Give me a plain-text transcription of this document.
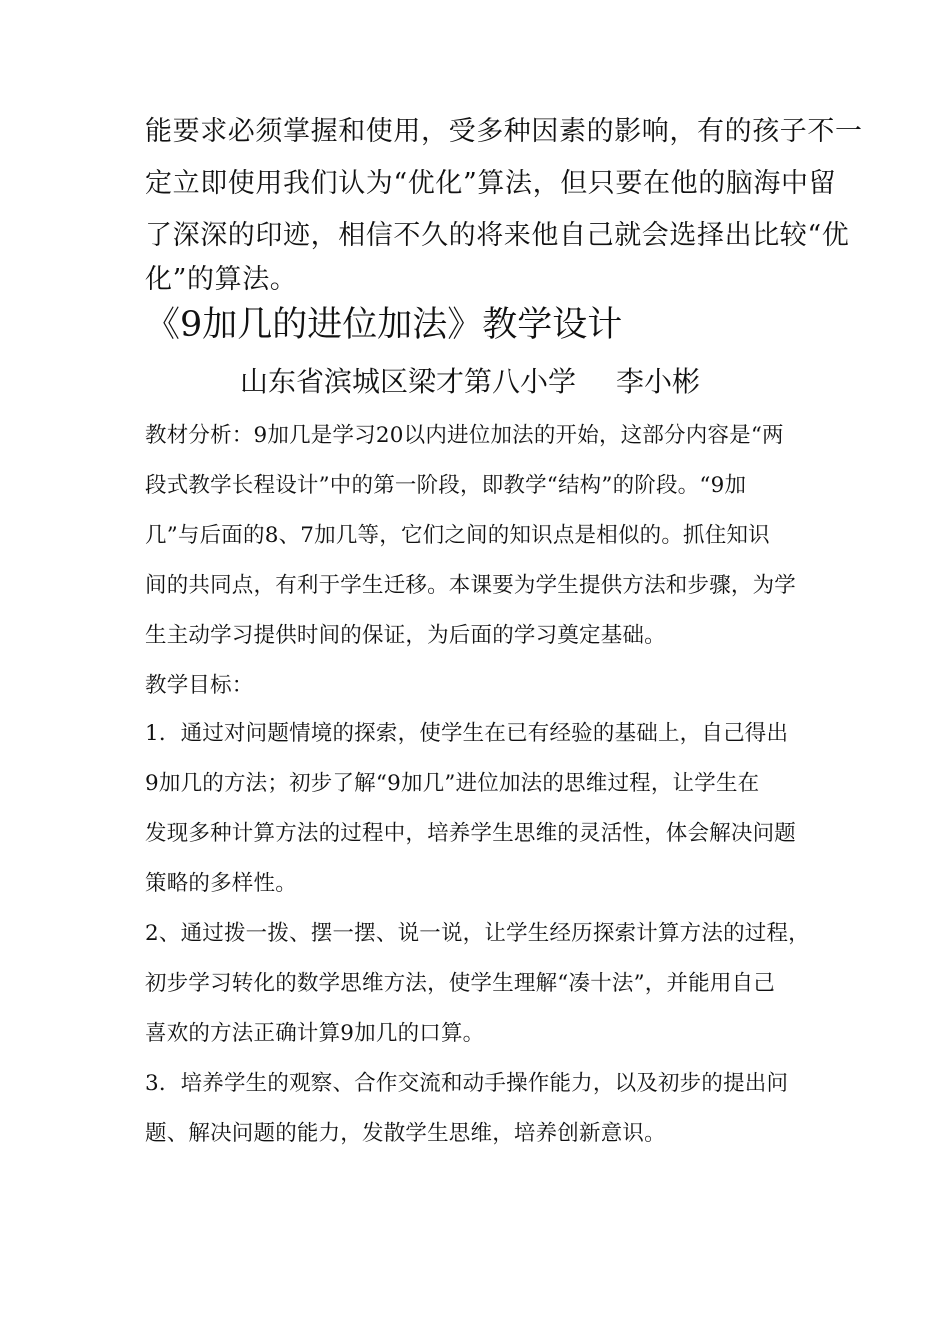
能要求必须掌握和使用，受多种因素的影响，有的孩子不一
定立即使用我们认为“优化”算法，但只要在他的脑海中留
了深深的印迹，相信不久的将来他自己就会选择出比较“优
化”的算法。
《9加几的进位加法》教学设计
山东省滨城区梁才第八小学 李小彬
教材分析：9加几是学习20以内进位加法的开始，这部分内容是“两
段式教学长程设计”中的第一阶段，即教学“结构”的阶段。“9加
几”与后面的8、7加几等，它们之间的知识点是相似的。抓住知识
间的共同点，有利于学生迁移。本课要为学生提供方法和步骤，为学
生主动学习提供时间的保证，为后面的学习奠定基础。
教学目标：
1．通过对问题情境的探索，使学生在已有经验的基础上，自己得出
9加几的方法；初步了解“9加几”进位加法的思维过程，让学生在
发现多种计算方法的过程中，培养学生思维的灵活性，体会解决问题
策略的多样性。
2、通过拨一拨、摆一摆、说一说，让学生经历探索计算方法的过程，
初步学习转化的数学思维方法，使学生理解“凑十法”，并能用自己
喜欢的方法正确计算9加几的口算。
3．培养学生的观察、合作交流和动手操作能力，以及初步的提出问
题、解决问题的能力，发散学生思维，培养创新意识。
